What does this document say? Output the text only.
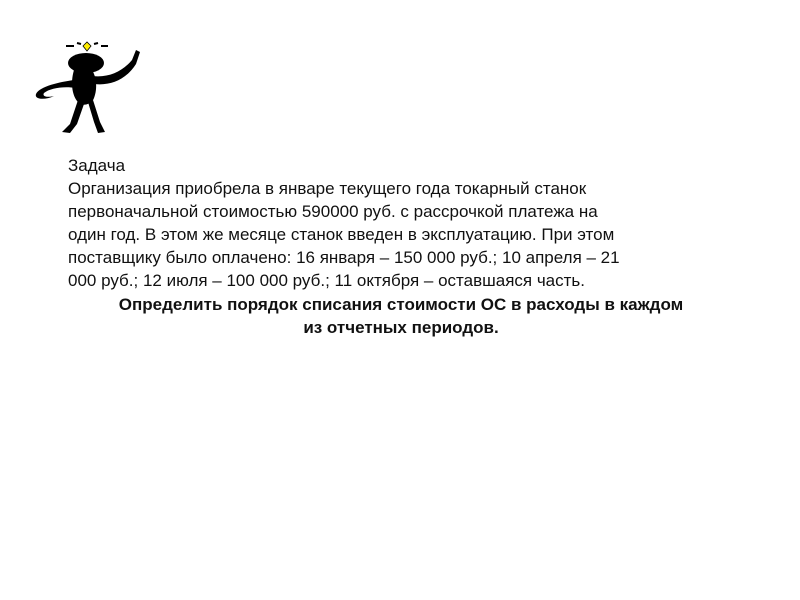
Задача
Организация приобрела в январе текущего года токарный станок
первоначальной стоимостью 590000 руб. с рассрочкой платежа на
один год. В этом же месяце станок введен в эксплуатацию. При этом
поставщику было оплачено: 16 января – 150 000 руб.; 10 апреля – 21
000 руб.; 12 июля – 100 000 руб.; 11 октября – оставшаяся часть.
Определить порядок списания стоимости ОС в расходы в каждом
из отчетных периодов.
